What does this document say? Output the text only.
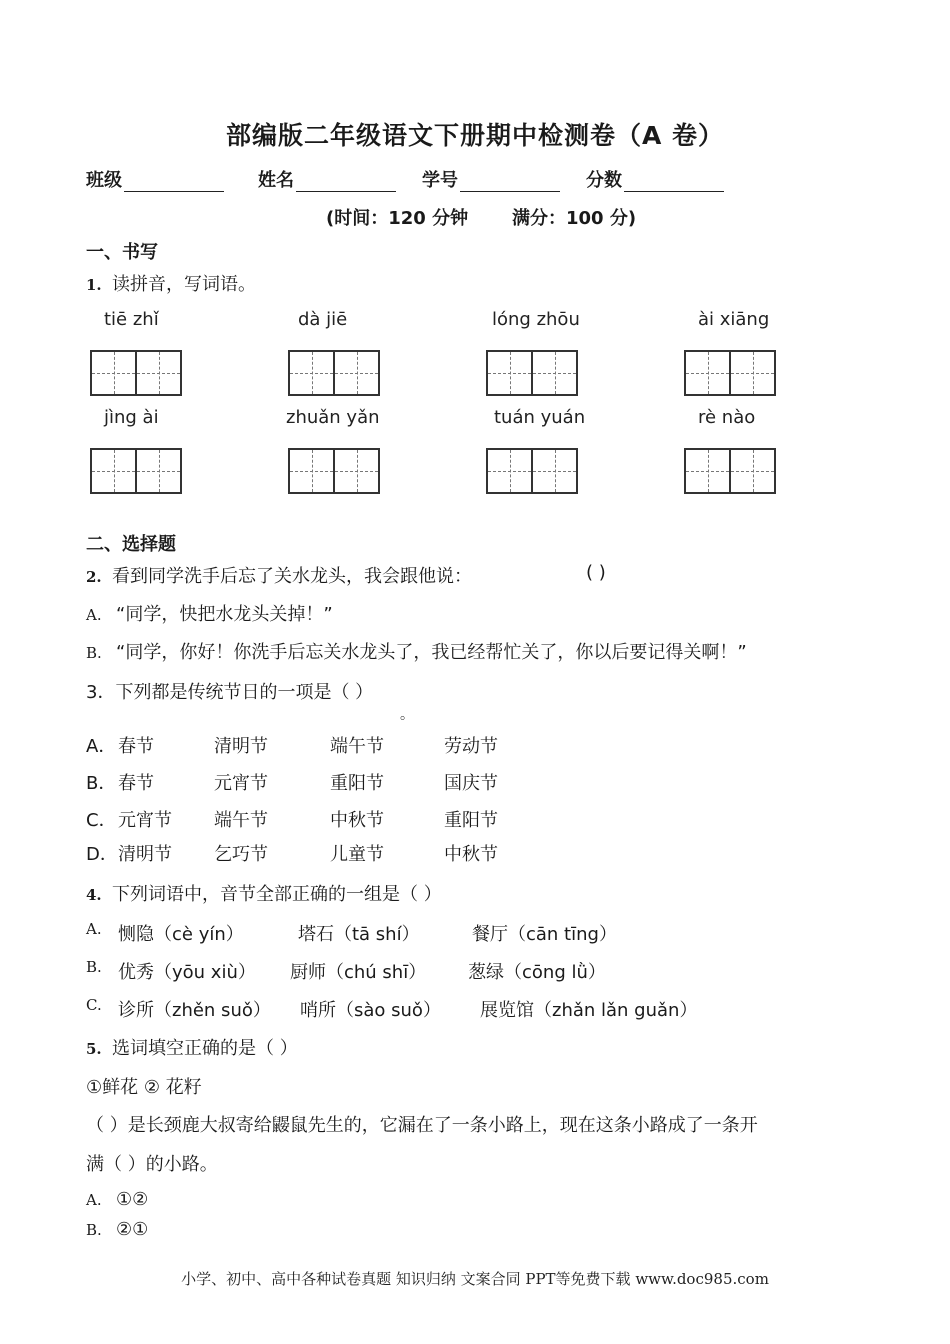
部编版二年级语文下册期中检测卷（A 卷）
班级	姓名	学号	分数
(时间：120 分钟 满分：100 分)
一、书写
1. 读拼音，写词语。
tiē zhǐ	dà jiē	lóng zhōu	ài xiāng
jìng ài	zhuǎn yǎn	tuán yuán	rè nào
二、选择题
2. 看到同学洗手后忘了关水龙头，我会跟他说：	( )
A. “同学，快把水龙头关掉！”
B. “同学，你好！你洗手后忘关水龙头了，我已经帮忙关了，你以后要记得关啊！”
3．下列都是传统节日的一项是（ ）
。
A． 春节	清明节	端午节	劳动节
B． 春节	元宵节	重阳节	国庆节
C． 元宵节 端午节	中秋节	重阳节
D． 清明节 乞巧节	儿童节	中秋节
4. 下列词语中，音节全部正确的一组是（ ）
A. 恻隐（cè yín）	塔石（tā shí）	餐厅（cān tīng）
B. 优秀（yōu xiù） 厨师（chú shī） 葱绿（cōng lǜ）
C. 诊所（zhěn suǒ） 哨所（sào suǒ） 展览馆（zhǎn lǎn guǎn）
5. 选词填空正确的是（ ）
①鲜花 ② 花籽
（ ）是长颈鹿大叔寄给鼹鼠先生的，它漏在了一条小路上，现在这条小路成了一条开
满（ ）的小路。
A. ①②
B. ②①
小学、初中、高中各种试卷真题 知识归纳 文案合同 PPT等免费下载 www.doc985.com
